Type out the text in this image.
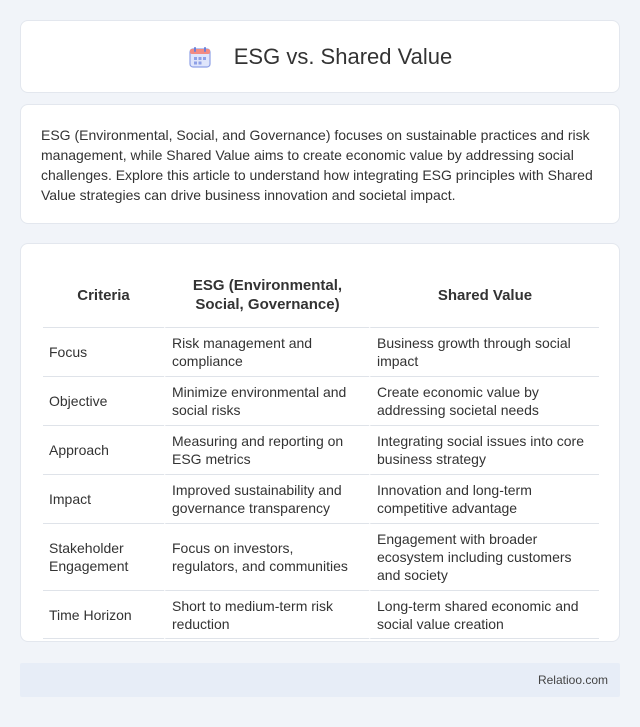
ESG vs. Shared Value

ESG (Environmental, Social, and Governance) focuses on sustainable practices and risk management, while Shared Value aims to create economic value by addressing social challenges. Explore this article to understand how integrating ESG principles with Shared Value strategies can drive business innovation and societal impact.

Criteria	ESG (Environmental, Social, Governance)	Shared Value
Focus	Risk management and compliance	Business growth through social impact
Objective	Minimize environmental and social risks	Create economic value by addressing societal needs
Approach	Measuring and reporting on ESG metrics	Integrating social issues into core business strategy
Impact	Improved sustainability and governance transparency	Innovation and long-term competitive advantage
Stakeholder Engagement	Focus on investors, regulators, and communities	Engagement with broader ecosystem including customers and society
Time Horizon	Short to medium-term risk reduction	Long-term shared economic and social value creation
Relatioo.com
